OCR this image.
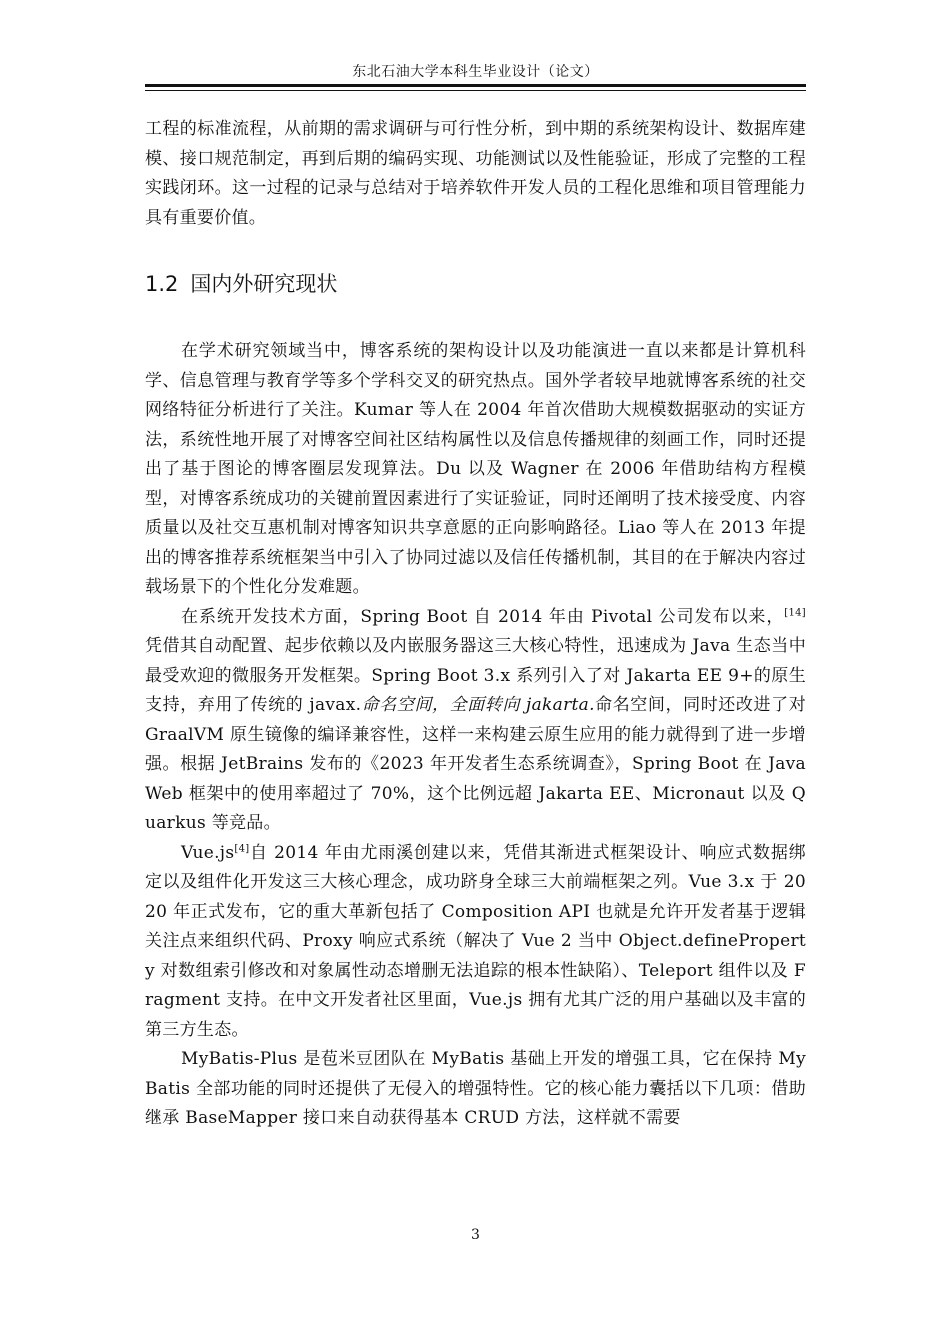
东北石油大学本科生毕业设计（论文）

工程的标准流程，从前期的需求调研与可行性分析，到中期的系统架构设计、数据库建模、接口规范制定，再到后期的编码实现、功能测试以及性能验证，形成了完整的工程实践闭环。这一过程的记录与总结对于培养软件开发人员的工程化思维和项目管理能力具有重要价值。

1.2 国内外研究现状

在学术研究领域当中，博客系统的架构设计以及功能演进一直以来都是计算机科学、信息管理与教育学等多个学科交叉的研究热点。国外学者较早地就博客系统的社交网络特征分析进行了关注。Kumar 等人在 2004 年首次借助大规模数据驱动的实证方法，系统性地开展了对博客空间社区结构属性以及信息传播规律的刻画工作，同时还提出了基于图论的博客圈层发现算法。Du 以及 Wagner 在 2006 年借助结构方程模型，对博客系统成功的关键前置因素进行了实证验证，同时还阐明了技术接受度、内容质量以及社交互惠机制对博客知识共享意愿的正向影响路径。Liao 等人在 2013 年提出的博客推荐系统框架当中引入了协同过滤以及信任传播机制，其目的在于解决内容过载场景下的个性化分发难题。

在系统开发技术方面，Spring Boot 自 2014 年由 Pivotal 公司发布以来，[14]凭借其自动配置、起步依赖以及内嵌服务器这三大核心特性，迅速成为 Java 生态当中最受欢迎的微服务开发框架。Spring Boot 3.x 系列引入了对 Jakarta EE 9+的原生支持，弃用了传统的 javax.命名空间，全面转向 jakarta.命名空间，同时还改进了对 GraalVM 原生镜像的编译兼容性，这样一来构建云原生应用的能力就得到了进一步增强。根据 JetBrains 发布的《2023 年开发者生态系统调查》，Spring Boot 在 Java Web 框架中的使用率超过了 70%，这个比例远超 Jakarta EE、Micronaut 以及 Quarkus 等竞品。

Vue.js[4]自 2014 年由尤雨溪创建以来，凭借其渐进式框架设计、响应式数据绑定以及组件化开发这三大核心理念，成功跻身全球三大前端框架之列。Vue 3.x 于 2020 年正式发布，它的重大革新包括了 Composition API 也就是允许开发者基于逻辑关注点来组织代码、Proxy 响应式系统（解决了 Vue 2 当中 Object.defineProperty 对数组索引修改和对象属性动态增删无法追踪的根本性缺陷）、Teleport 组件以及 Fragment 支持。在中文开发者社区里面，Vue.js 拥有尤其广泛的用户基础以及丰富的第三方生态。

MyBatis-Plus 是苞米豆团队在 MyBatis 基础上开发的增强工具，它在保持 MyBatis 全部功能的同时还提供了无侵入的增强特性。它的核心能力囊括以下几项：借助继承 BaseMapper 接口来自动获得基本 CRUD 方法，这样就不需要

3
